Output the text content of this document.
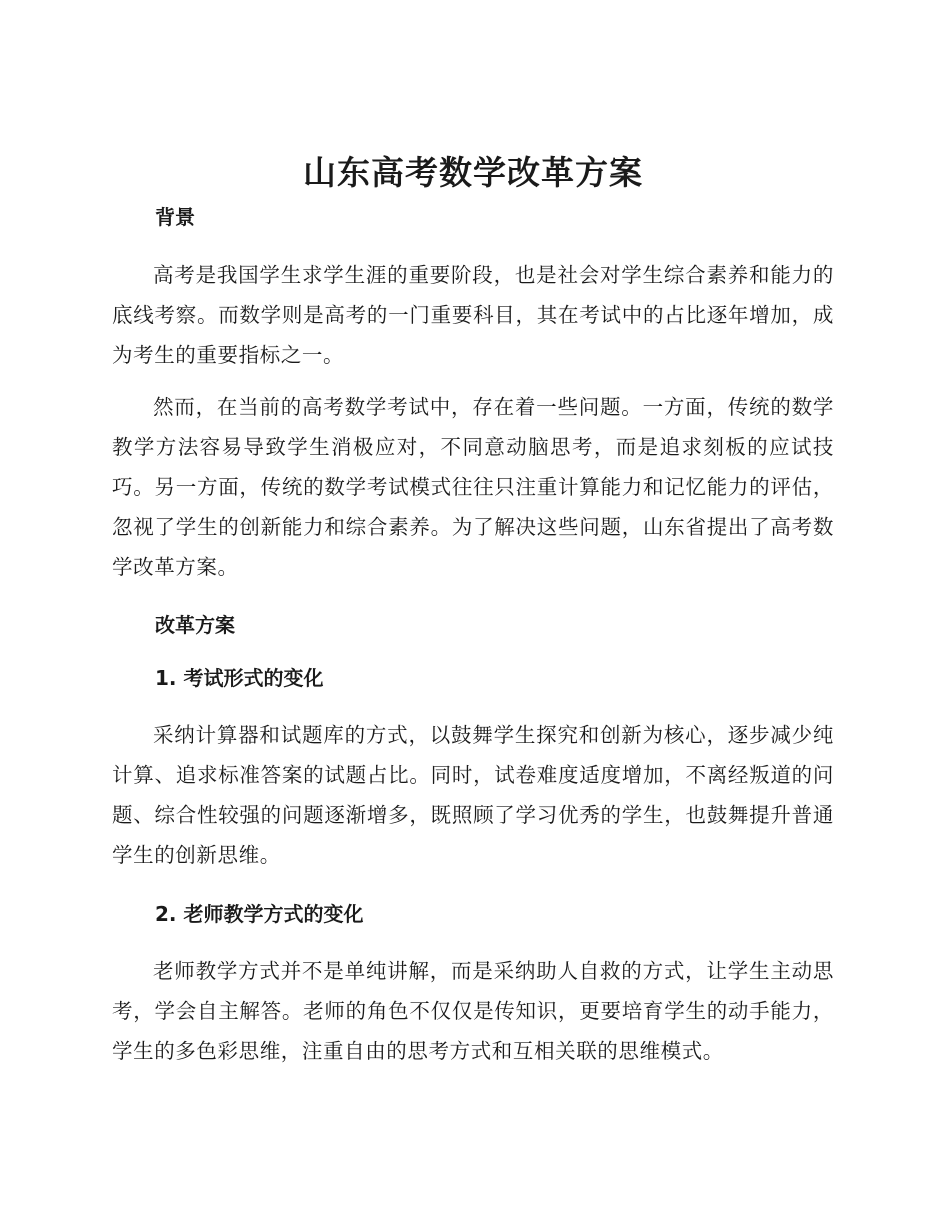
山东高考数学改革方案
背景

高考是我国学生求学生涯的重要阶段，也是社会对学生综合素养和能力的底线考察。而数学则是高考的一门重要科目，其在考试中的占比逐年增加，成为考生的重要指标之一。

然而，在当前的高考数学考试中，存在着一些问题。一方面，传统的数学教学方法容易导致学生消极应对，不同意动脑思考，而是追求刻板的应试技巧。另一方面，传统的数学考试模式往往只注重计算能力和记忆能力的评估，忽视了学生的创新能力和综合素养。为了解决这些问题，山东省提出了高考数学改革方案。

改革方案
1. 考试形式的变化

采纳计算器和试题库的方式，以鼓舞学生探究和创新为核心，逐步减少纯计算、追求标准答案的试题占比。同时，试卷难度适度增加，不离经叛道的问题、综合性较强的问题逐渐增多，既照顾了学习优秀的学生，也鼓舞提升普通学生的创新思维。

2. 老师教学方式的变化

老师教学方式并不是单纯讲解，而是采纳助人自救的方式，让学生主动思考，学会自主解答。老师的角色不仅仅是传知识，更要培育学生的动手能力，学生的多色彩思维，注重自由的思考方式和互相关联的思维模式。
